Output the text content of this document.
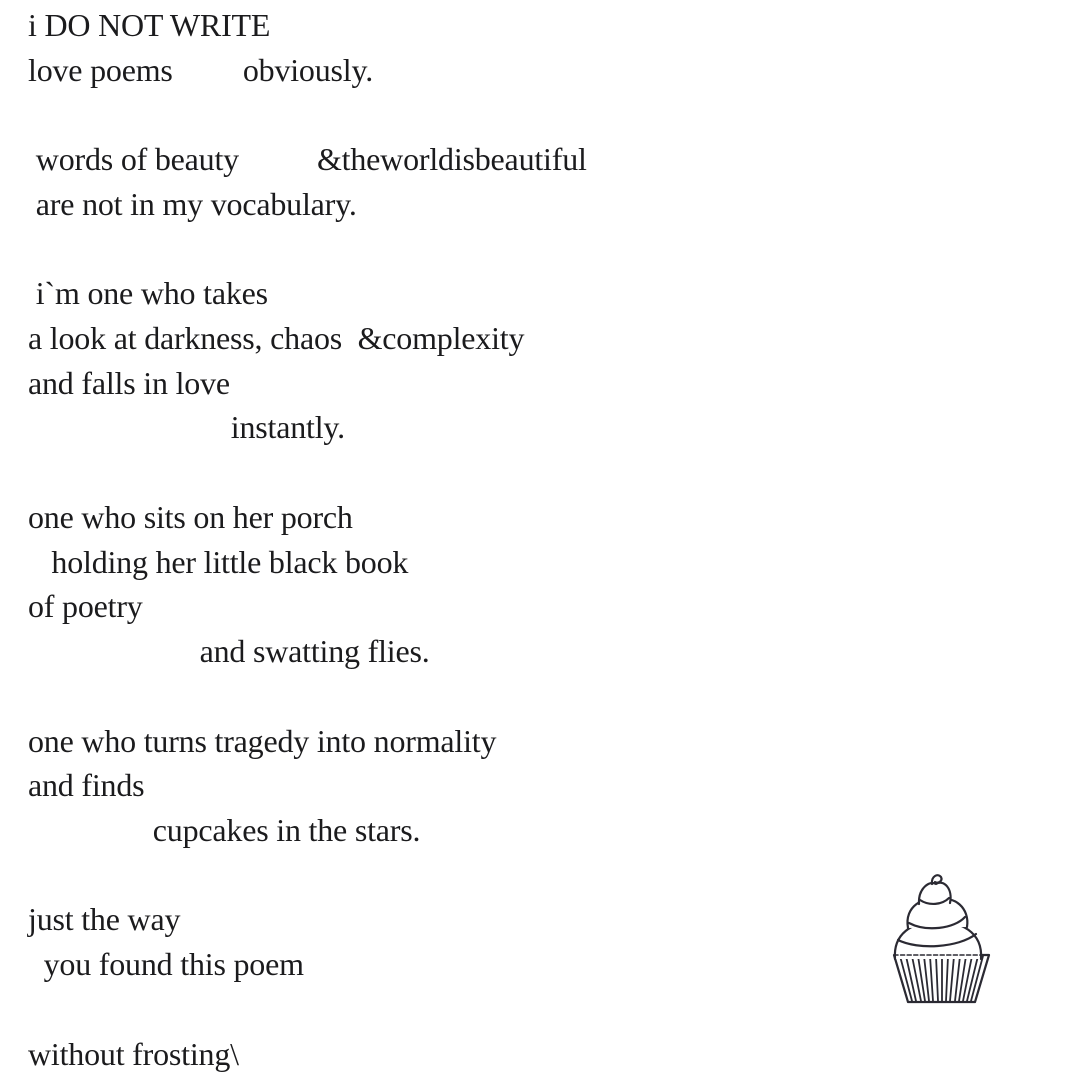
i DO NOT WRITE
love poems         obviously.
words of beauty          &theworldisbeautiful
are not in my vocabulary.
i`m one who takes
a look at darkness, chaos  &complexity
and falls in love
instantly.
one who sits on her porch
holding her little black book
of poetry
and swatting flies.
one who turns tragedy into normality
and finds
cupcakes in the stars.
just the way
you found this poem
without frosting\
